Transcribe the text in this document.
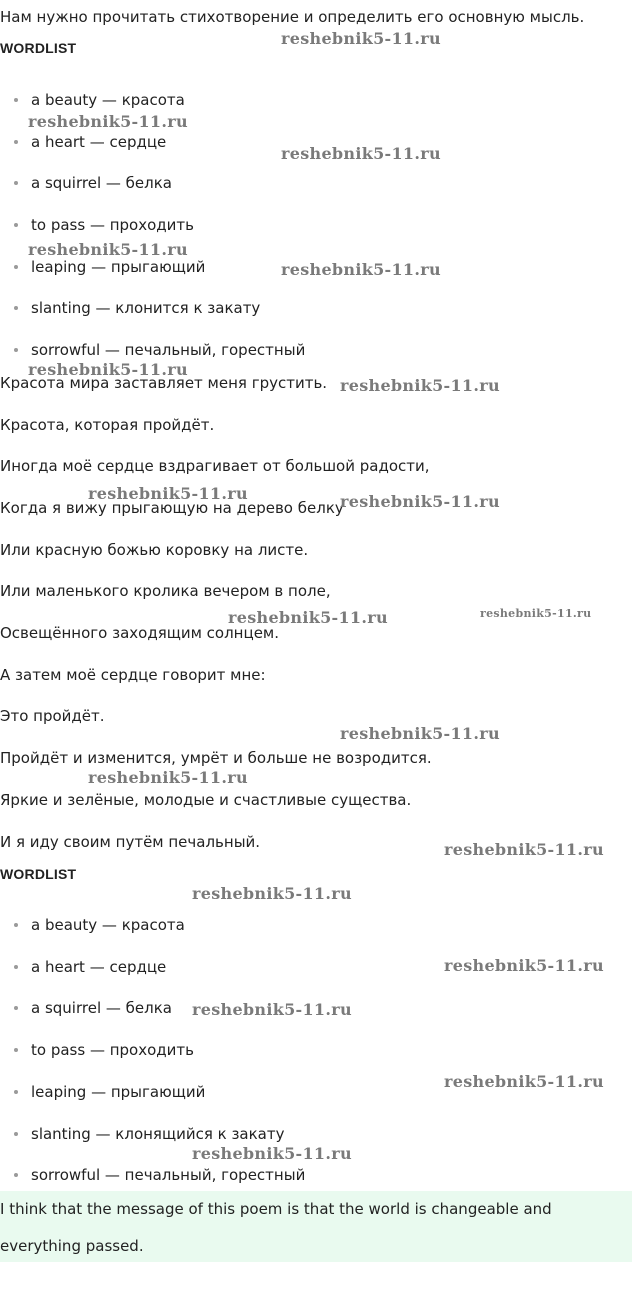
Нам нужно прочитать стихотворение и определить его основную мысль.
WORDLIST
a beauty — красота
a heart — сердце
a squirrel — белка
to pass — проходить
leaping — прыгающий
slanting — клонится к закату
sorrowful — печальный, горестный
Красота мира заставляет меня грустить.
Красота, которая пройдёт.
Иногда моё сердце вздрагивает от большой радости,
Когда я вижу прыгающую на дерево белку
Или красную божью коровку на листе.
Или маленького кролика вечером в поле,
Освещённого заходящим солнцем.
А затем моё сердце говорит мне:
Это пройдёт.
Пройдёт и изменится, умрёт и больше не возродится.
Яркие и зелёные, молодые и счастливые существа.
И я иду своим путём печальный.
WORDLIST
a beauty — красота
a heart — сердце
a squirrel — белка
to pass — проходить
leaping — прыгающий
slanting — клонящийся к закату
sorrowful — печальный, горестный
I think that the message of this poem is that the world is changeable and
everything passed.
reshebnik5-11.ru
reshebnik5-11.ru
reshebnik5-11.ru
reshebnik5-11.ru
reshebnik5-11.ru
reshebnik5-11.ru
reshebnik5-11.ru
reshebnik5-11.ru	reshebnik5-11.ru
reshebnik5-11.ru	reshebnik5-11.ru
reshebnik5-11.ru
reshebnik5-11.ru
reshebnik5-11.ru
reshebnik5-11.ru
reshebnik5-11.ru
reshebnik5-11.ru
reshebnik5-11.ru
reshebnik5-11.ru
